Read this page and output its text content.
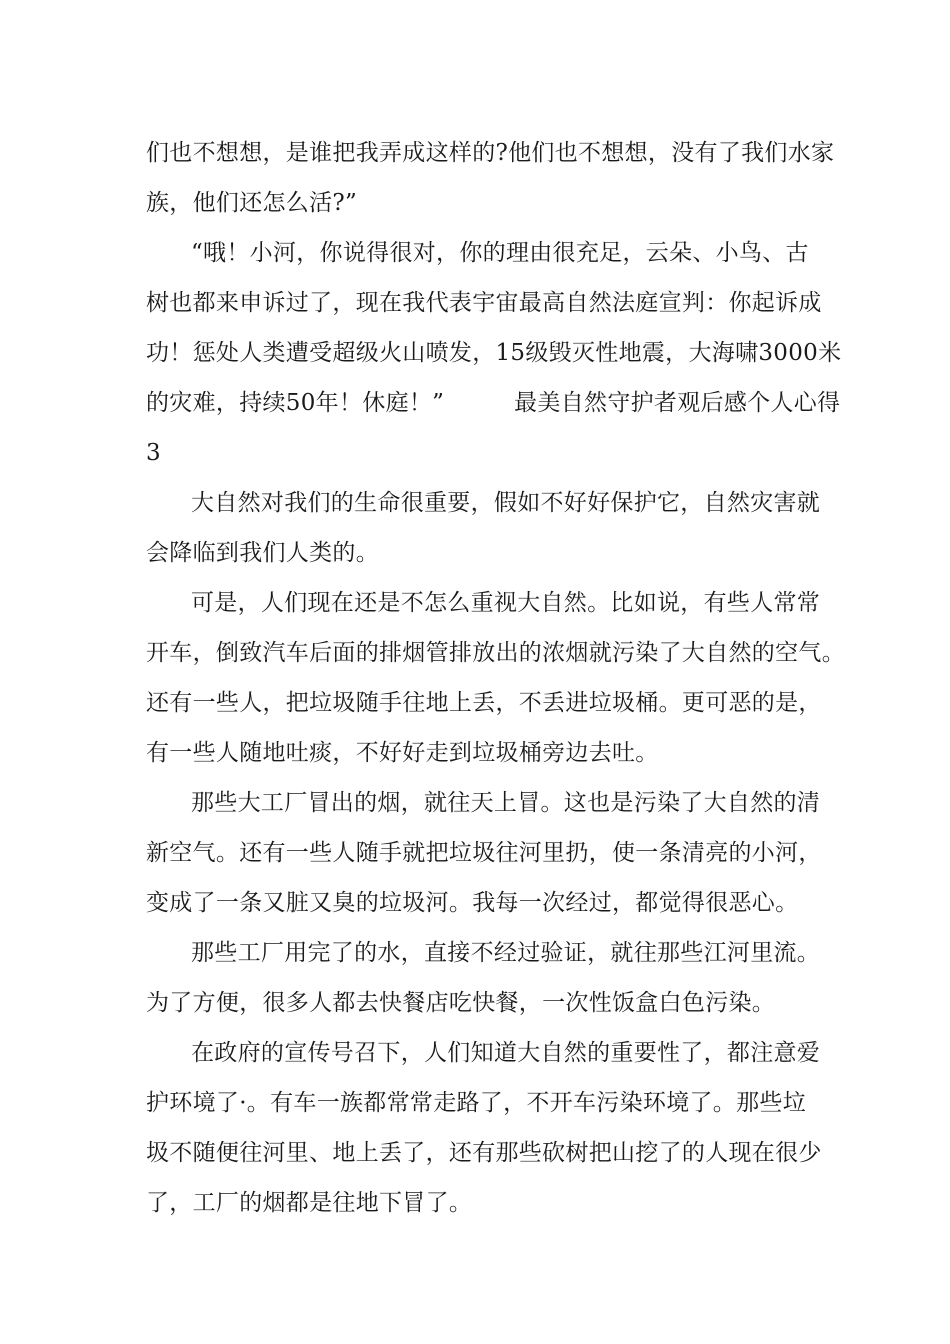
们也不想想，是谁把我弄成这样的?他们也不想想，没有了我们水家
族，他们还怎么活?”
“哦！小河，你说得很对，你的理由很充足，云朵、小鸟、古
树也都来申诉过了，现在我代表宇宙最高自然法庭宣判：你起诉成
功！惩处人类遭受超级火山喷发，15级毁灭性地震，大海啸3000米
的灾难，持续50年！休庭！”　　　最美自然守护者观后感个人心得
3
大自然对我们的生命很重要，假如不好好保护它，自然灾害就
会降临到我们人类的。
可是，人们现在还是不怎么重视大自然。比如说，有些人常常
开车，倒致汽车后面的排烟管排放出的浓烟就污染了大自然的空气。
还有一些人，把垃圾随手往地上丢，不丢进垃圾桶。更可恶的是，
有一些人随地吐痰，不好好走到垃圾桶旁边去吐。
那些大工厂冒出的烟，就往天上冒。这也是污染了大自然的清
新空气。还有一些人随手就把垃圾往河里扔，使一条清亮的小河，
变成了一条又脏又臭的垃圾河。我每一次经过，都觉得很恶心。
那些工厂用完了的水，直接不经过验证，就往那些江河里流。
为了方便，很多人都去快餐店吃快餐，一次性饭盒白色污染。
在政府的宣传号召下，人们知道大自然的重要性了，都注意爱
护环境了·。有车一族都常常走路了，不开车污染环境了。那些垃
圾不随便往河里、地上丢了，还有那些砍树把山挖了的人现在很少
了，工厂的烟都是往地下冒了。
